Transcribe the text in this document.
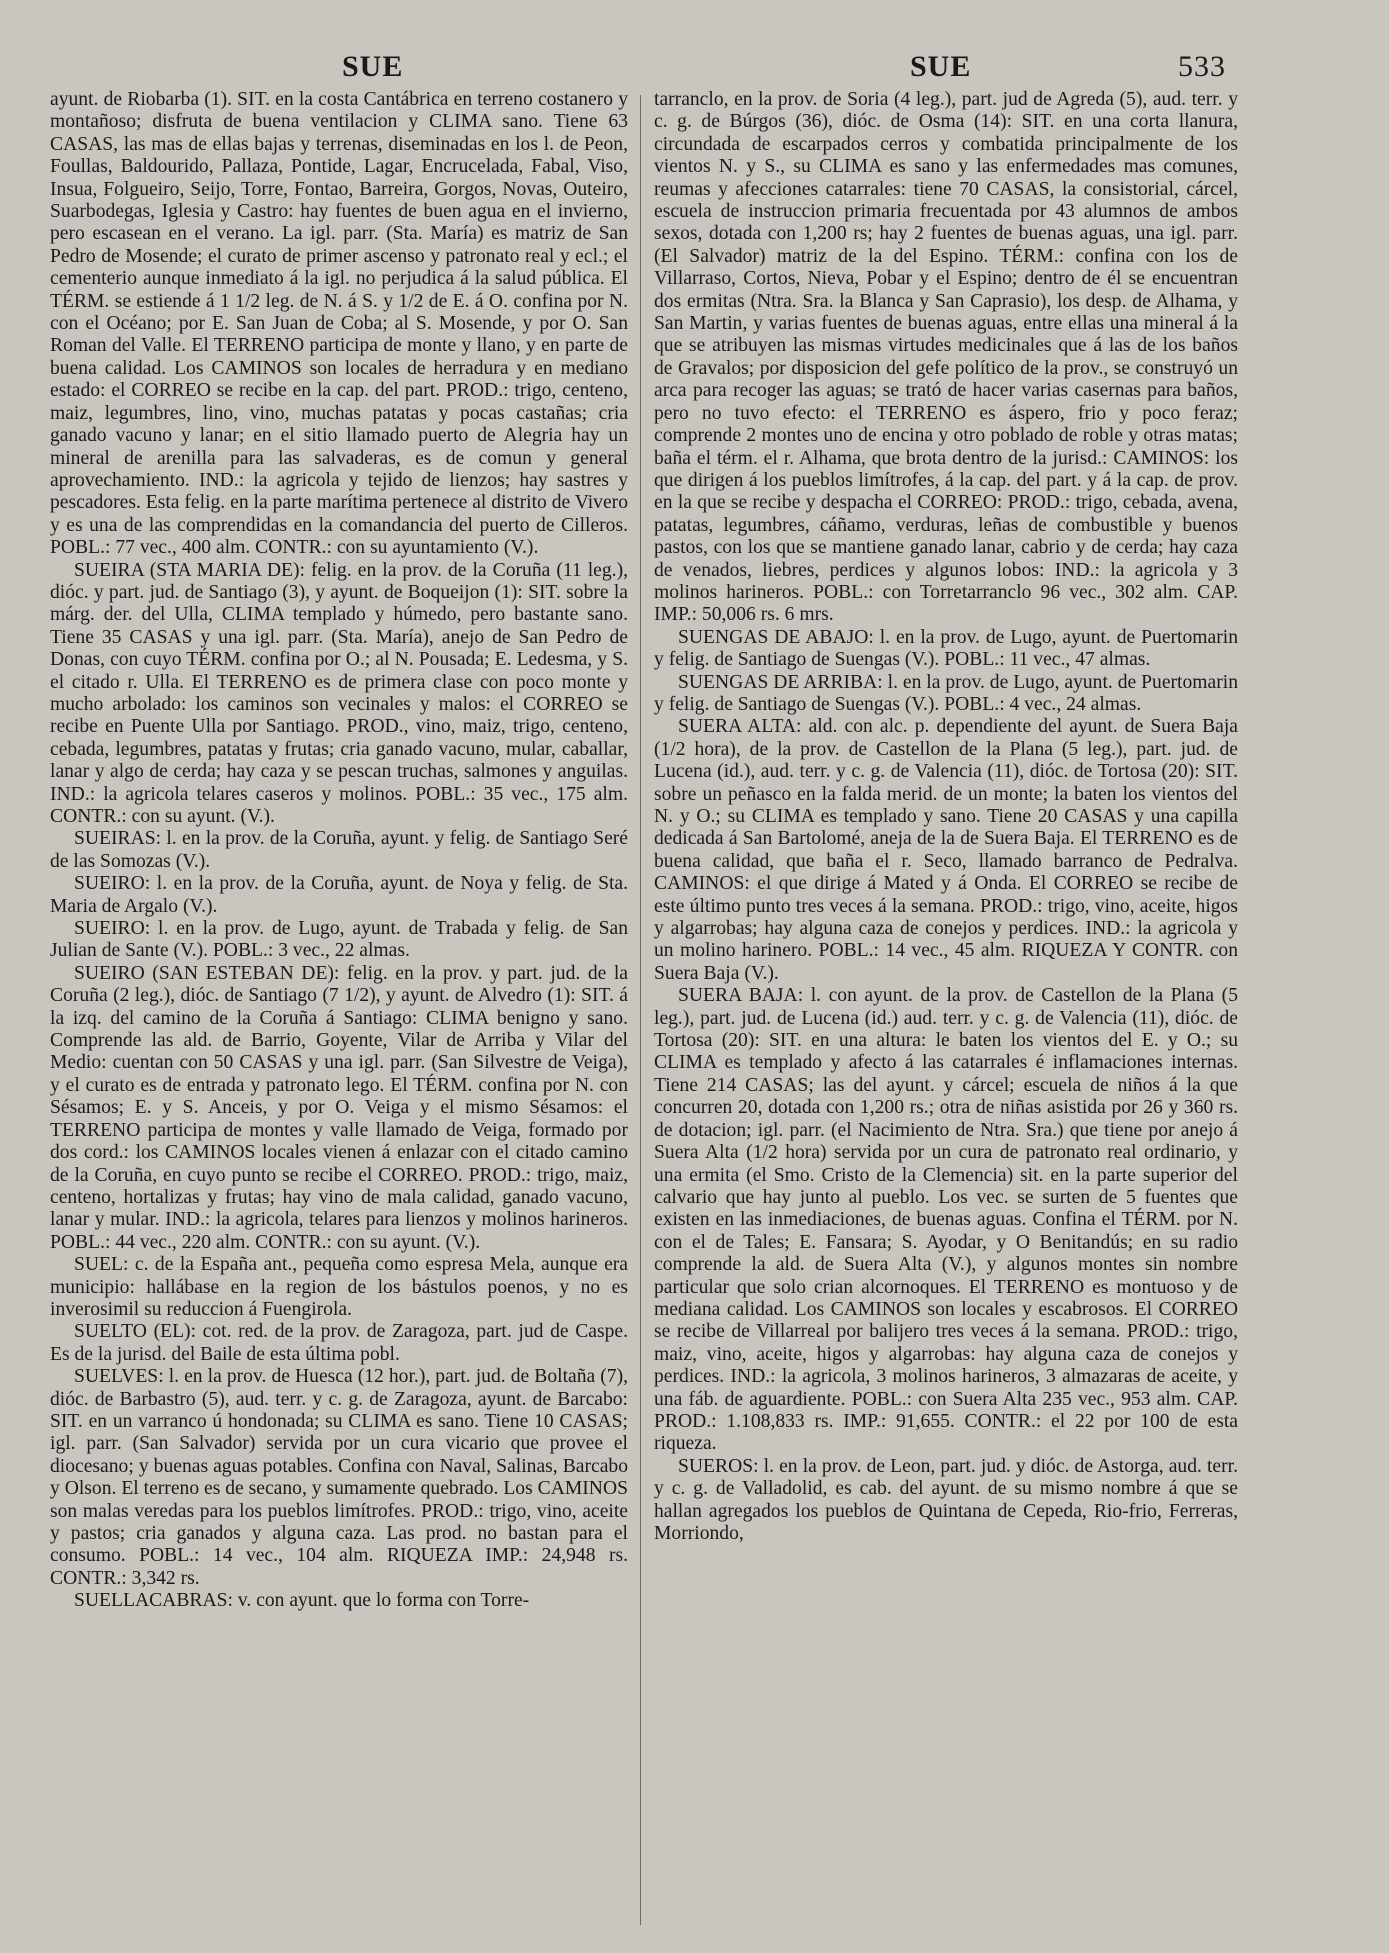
SUE	SUE	533

ayunt. de Riobarba (1). SIT. en la costa Cantábrica en terreno costanero y montañoso; disfruta de buena ventilacion y CLIMA sano. Tiene 63 CASAS, las mas de ellas bajas y terrenas, diseminadas en los l. de Peon, Foullas, Baldourido, Pallaza, Pontide, Lagar, Encrucelada, Fabal, Viso, Insua, Folgueiro, Seijo, Torre, Fontao, Barreira, Gorgos, Novas, Outeiro, Suarbodegas, Iglesia y Castro: hay fuentes de buen agua en el invierno, pero escasean en el verano. La igl. parr. (Sta. María) es matriz de San Pedro de Mosende; el curato de primer ascenso y patronato real y ecl.; el cementerio aunque inmediato á la igl. no perjudica á la salud pública. El TÉRM. se estiende á 1 1/2 leg. de N. á S. y 1/2 de E. á O. confina por N. con el Océano; por E. San Juan de Coba; al S. Mosende, y por O. San Roman del Valle. El TERRENO participa de monte y llano, y en parte de buena calidad. Los CAMINOS son locales de herradura y en mediano estado: el CORREO se recibe en la cap. del part. PROD.: trigo, centeno, maiz, legumbres, lino, vino, muchas patatas y pocas castañas; cria ganado vacuno y lanar; en el sitio llamado puerto de Alegria hay un mineral de arenilla para las salvaderas, es de comun y general aprovechamiento. IND.: la agricola y tejido de lienzos; hay sastres y pescadores. Esta felig. en la parte marítima pertenece al distrito de Vivero y es una de las comprendidas en la comandancia del puerto de Cilleros. POBL.: 77 vec., 400 alm. CONTR.: con su ayuntamiento (V.).

SUEIRA (STA MARIA DE): felig. en la prov. de la Coruña (11 leg.), dióc. y part. jud. de Santiago (3), y ayunt. de Boqueijon (1): SIT. sobre la márg. der. del Ulla, CLIMA templado y húmedo, pero bastante sano. Tiene 35 CASAS y una igl. parr. (Sta. María), anejo de San Pedro de Donas, con cuyo TÉRM. confina por O.; al N. Pousada; E. Ledesma, y S. el citado r. Ulla. El TERRENO es de primera clase con poco monte y mucho arbolado: los caminos son vecinales y malos: el CORREO se recibe en Puente Ulla por Santiago. PROD., vino, maiz, trigo, centeno, cebada, legumbres, patatas y frutas; cria ganado vacuno, mular, caballar, lanar y algo de cerda; hay caza y se pescan truchas, salmones y anguilas. IND.: la agricola telares caseros y molinos. POBL.: 35 vec., 175 alm. CONTR.: con su ayunt. (V.).

SUEIRAS: l. en la prov. de la Coruña, ayunt. y felig. de Santiago Seré de las Somozas (V.).

SUEIRO: l. en la prov. de la Coruña, ayunt. de Noya y felig. de Sta. Maria de Argalo (V.).

SUEIRO: l. en la prov. de Lugo, ayunt. de Trabada y felig. de San Julian de Sante (V.). POBL.: 3 vec., 22 almas.

SUEIRO (SAN ESTEBAN DE): felig. en la prov. y part. jud. de la Coruña (2 leg.), dióc. de Santiago (7 1/2), y ayunt. de Alvedro (1): SIT. á la izq. del camino de la Coruña á Santiago: CLIMA benigno y sano. Comprende las ald. de Barrio, Goyente, Vilar de Arriba y Vilar del Medio: cuentan con 50 CASAS y una igl. parr. (San Silvestre de Veiga), y el curato es de entrada y patronato lego. El TÉRM. confina por N. con Sésamos; E. y S. Anceis, y por O. Veiga y el mismo Sésamos: el TERRENO participa de montes y valle llamado de Veiga, formado por dos cord.: los CAMINOS locales vienen á enlazar con el citado camino de la Coruña, en cuyo punto se recibe el CORREO. PROD.: trigo, maiz, centeno, hortalizas y frutas; hay vino de mala calidad, ganado vacuno, lanar y mular. IND.: la agricola, telares para lienzos y molinos harineros. POBL.: 44 vec., 220 alm. CONTR.: con su ayunt. (V.).

SUEL: c. de la España ant., pequeña como espresa Mela, aunque era municipio: hallábase en la region de los bástulos poenos, y no es inverosimil su reduccion á Fuengirola.

SUELTO (EL): cot. red. de la prov. de Zaragoza, part. jud de Caspe. Es de la jurisd. del Baile de esta última pobl.

SUELVES: l. en la prov. de Huesca (12 hor.), part. jud. de Boltaña (7), dióc. de Barbastro (5), aud. terr. y c. g. de Zaragoza, ayunt. de Barcabo: SIT. en un varranco ú hondonada; su CLIMA es sano. Tiene 10 CASAS; igl. parr. (San Salvador) servida por un cura vicario que provee el diocesano; y buenas aguas potables. Confina con Naval, Salinas, Barcabo y Olson. El terreno es de secano, y sumamente quebrado. Los CAMINOS son malas veredas para los pueblos limítrofes. PROD.: trigo, vino, aceite y pastos; cria ganados y alguna caza. Las prod. no bastan para el consumo. POBL.: 14 vec., 104 alm. RIQUEZA IMP.: 24,948 rs. CONTR.: 3,342 rs.

SUELLACABRAS: v. con ayunt. que lo forma con Torre-

tarranclo, en la prov. de Soria (4 leg.), part. jud de Agreda (5), aud. terr. y c. g. de Búrgos (36), dióc. de Osma (14): SIT. en una corta llanura, circundada de escarpados cerros y combatida principalmente de los vientos N. y S., su CLIMA es sano y las enfermedades mas comunes, reumas y afecciones catarrales: tiene 70 CASAS, la consistorial, cárcel, escuela de instruccion primaria frecuentada por 43 alumnos de ambos sexos, dotada con 1,200 rs; hay 2 fuentes de buenas aguas, una igl. parr. (El Salvador) matriz de la del Espino. TÉRM.: confina con los de Villarraso, Cortos, Nieva, Pobar y el Espino; dentro de él se encuentran dos ermitas (Ntra. Sra. la Blanca y San Caprasio), los desp. de Alhama, y San Martin, y varias fuentes de buenas aguas, entre ellas una mineral á la que se atribuyen las mismas virtudes medicinales que á las de los baños de Gravalos; por disposicion del gefe político de la prov., se construyó un arca para recoger las aguas; se trató de hacer varias casernas para baños, pero no tuvo efecto: el TERRENO es áspero, frio y poco feraz; comprende 2 montes uno de encina y otro poblado de roble y otras matas; baña el térm. el r. Alhama, que brota dentro de la jurisd.: CAMINOS: los que dirigen á los pueblos limítrofes, á la cap. del part. y á la cap. de prov. en la que se recibe y despacha el CORREO: PROD.: trigo, cebada, avena, patatas, legumbres, cáñamo, verduras, leñas de combustible y buenos pastos, con los que se mantiene ganado lanar, cabrio y de cerda; hay caza de venados, liebres, perdices y algunos lobos: IND.: la agricola y 3 molinos harineros. POBL.: con Torretarranclo 96 vec., 302 alm. CAP. IMP.: 50,006 rs. 6 mrs.

SUENGAS DE ABAJO: l. en la prov. de Lugo, ayunt. de Puertomarin y felig. de Santiago de Suengas (V.). POBL.: 11 vec., 47 almas.

SUENGAS DE ARRIBA: l. en la prov. de Lugo, ayunt. de Puertomarin y felig. de Santiago de Suengas (V.). POBL.: 4 vec., 24 almas.

SUERA ALTA: ald. con alc. p. dependiente del ayunt. de Suera Baja (1/2 hora), de la prov. de Castellon de la Plana (5 leg.), part. jud. de Lucena (id.), aud. terr. y c. g. de Valencia (11), dióc. de Tortosa (20): SIT. sobre un peñasco en la falda merid. de un monte; la baten los vientos del N. y O.; su CLIMA es templado y sano. Tiene 20 CASAS y una capilla dedicada á San Bartolomé, aneja de la de Suera Baja. El TERRENO es de buena calidad, que baña el r. Seco, llamado barranco de Pedralva. CAMINOS: el que dirige á Mated y á Onda. El CORREO se recibe de este último punto tres veces á la semana. PROD.: trigo, vino, aceite, higos y algarrobas; hay alguna caza de conejos y perdices. IND.: la agricola y un molino harinero. POBL.: 14 vec., 45 alm. RIQUEZA Y CONTR. con Suera Baja (V.).

SUERA BAJA: l. con ayunt. de la prov. de Castellon de la Plana (5 leg.), part. jud. de Lucena (id.) aud. terr. y c. g. de Valencia (11), dióc. de Tortosa (20): SIT. en una altura: le baten los vientos del E. y O.; su CLIMA es templado y afecto á las catarrales é inflamaciones internas. Tiene 214 CASAS; las del ayunt. y cárcel; escuela de niños á la que concurren 20, dotada con 1,200 rs.; otra de niñas asistida por 26 y 360 rs. de dotacion; igl. parr. (el Nacimiento de Ntra. Sra.) que tiene por anejo á Suera Alta (1/2 hora) servida por un cura de patronato real ordinario, y una ermita (el Smo. Cristo de la Clemencia) sit. en la parte superior del calvario que hay junto al pueblo. Los vec. se surten de 5 fuentes que existen en las inmediaciones, de buenas aguas. Confina el TÉRM. por N. con el de Tales; E. Fansara; S. Ayodar, y O Benitandús; en su radio comprende la ald. de Suera Alta (V.), y algunos montes sin nombre particular que solo crian alcornoques. El TERRENO es montuoso y de mediana calidad. Los CAMINOS son locales y escabrosos. El CORREO se recibe de Villarreal por balijero tres veces á la semana. PROD.: trigo, maiz, vino, aceite, higos y algarrobas: hay alguna caza de conejos y perdices. IND.: la agricola, 3 molinos harineros, 3 almazaras de aceite, y una fáb. de aguardiente. POBL.: con Suera Alta 235 vec., 953 alm. CAP. PROD.: 1.108,833 rs. IMP.: 91,655. CONTR.: el 22 por 100 de esta riqueza.

SUEROS: l. en la prov. de Leon, part. jud. y dióc. de Astorga, aud. terr. y c. g. de Valladolid, es cab. del ayunt. de su mismo nombre á que se hallan agregados los pueblos de Quintana de Cepeda, Rio-frio, Ferreras, Morriondo,
